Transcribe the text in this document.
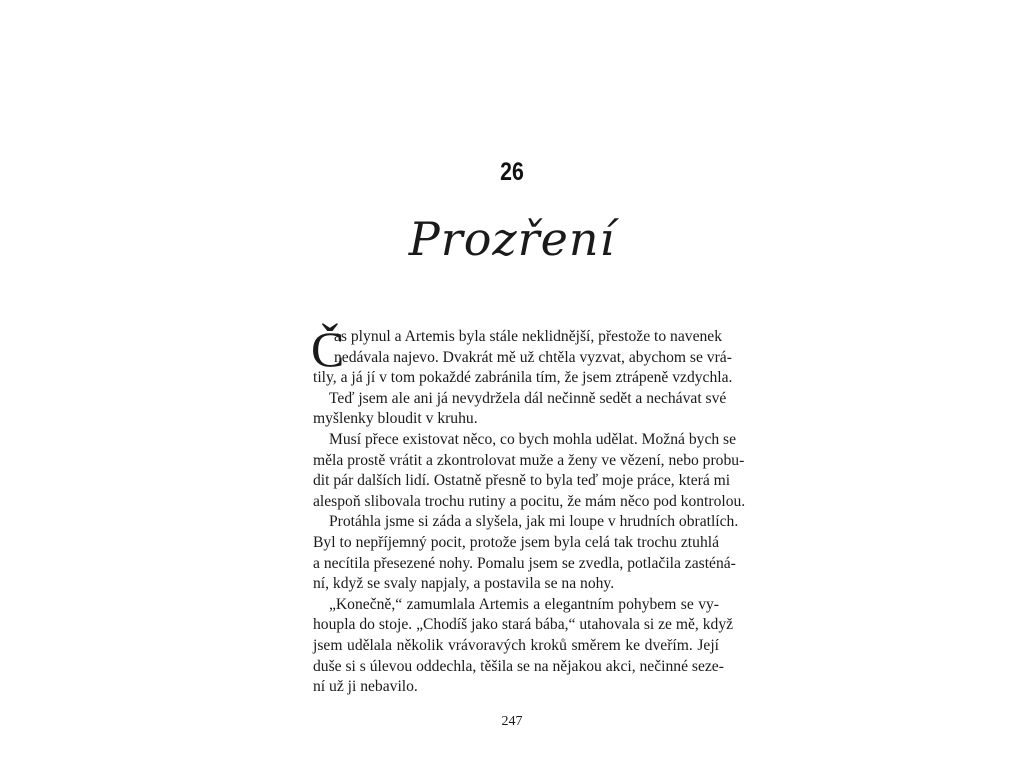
26
Prozření
Č
as plynul a Artemis byla stále neklidnější, přestože to navenek
nedávala najevo. Dvakrát mě už chtěla vyzvat, abychom se vrá-
tily, a já jí v tom pokaždé zabránila tím, že jsem ztrápeně vzdychla.
Teď jsem ale ani já nevydržela dál nečinně sedět a nechávat své
myšlenky bloudit v kruhu.
Musí přece existovat něco, co bych mohla udělat. Možná bych se
měla prostě vrátit a zkontrolovat muže a ženy ve vězení, nebo probu-
dit pár dalších lidí. Ostatně přesně to byla teď moje práce, která mi
alespoň slibovala trochu rutiny a pocitu, že mám něco pod kontrolou.
Protáhla jsme si záda a slyšela, jak mi loupe v hrudních obratlích.
Byl to nepříjemný pocit, protože jsem byla celá tak trochu ztuhlá
a necítila přesezené nohy. Pomalu jsem se zvedla, potlačila zasténá-
ní, když se svaly napjaly, a postavila se na nohy.
„Konečně,“ zamumlala Artemis a elegantním pohybem se vy-
houpla do stoje. „Chodíš jako stará bába,“ utahovala si ze mě, když
jsem udělala několik vrávoravých kroků směrem ke dveřím. Její
duše si s úlevou oddechla, těšila se na nějakou akci, nečinné seze-
ní už ji nebavilo.
247
